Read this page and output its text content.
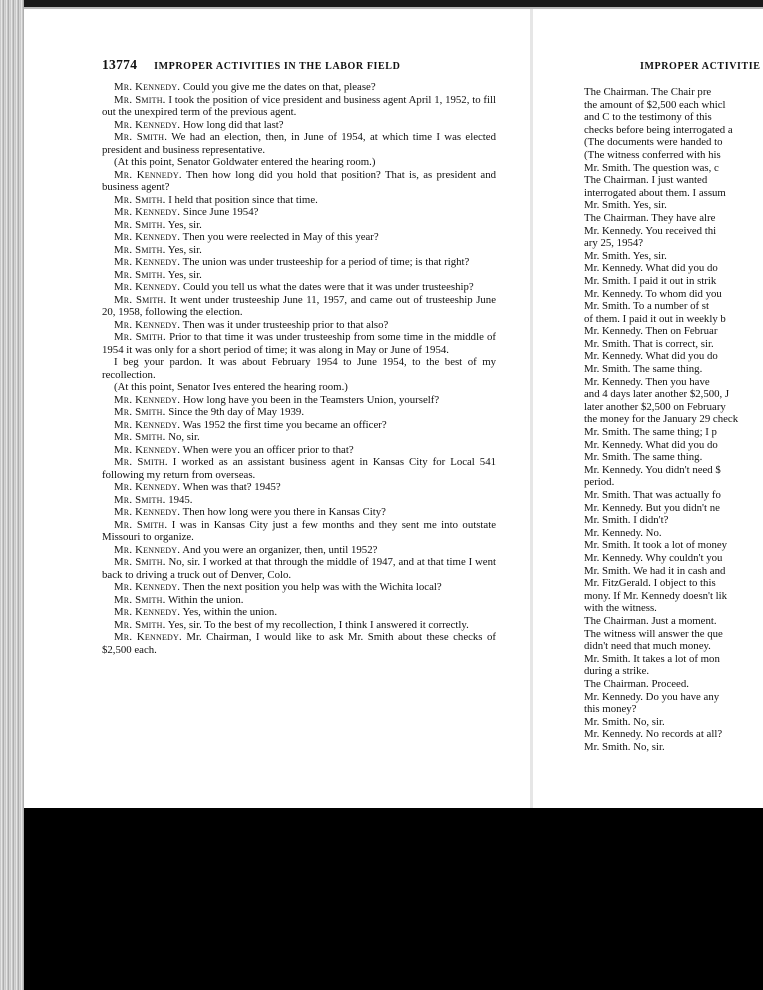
13774 IMPROPER ACTIVITIES IN THE LABOR FIELD	IMPROPER ACTIVITIE

Mr. Kennedy. Could you give me the dates on that, please?

Mr. Smith. I took the position of vice president and business agent April 1, 1952, to fill out the unexpired term of the previous agent.

Mr. Kennedy. How long did that last?

Mr. Smith. We had an election, then, in June of 1954, at which time I was elected president and business representative.

(At this point, Senator Goldwater entered the hearing room.)

Mr. Kennedy. Then how long did you hold that position? That is, as president and business agent?

Mr. Smith. I held that position since that time.

Mr. Kennedy. Since June 1954?

Mr. Smith. Yes, sir.

Mr. Kennedy. Then you were reelected in May of this year?

Mr. Smith. Yes, sir.

Mr. Kennedy. The union was under trusteeship for a period of time; is that right?

Mr. Smith. Yes, sir.

Mr. Kennedy. Could you tell us what the dates were that it was under trusteeship?

Mr. Smith. It went under trusteeship June 11, 1957, and came out of trusteeship June 20, 1958, following the election.

Mr. Kennedy. Then was it under trusteeship prior to that also?

Mr. Smith. Prior to that time it was under trusteeship from some time in the middle of 1954 it was only for a short period of time; it was along in May or June of 1954.

I beg your pardon. It was about February 1954 to June 1954, to the best of my recollection.

(At this point, Senator Ives entered the hearing room.)

Mr. Kennedy. How long have you been in the Teamsters Union, yourself?

Mr. Smith. Since the 9th day of May 1939.

Mr. Kennedy. Was 1952 the first time you became an officer?

Mr. Smith. No, sir.

Mr. Kennedy. When were you an officer prior to that?

Mr. Smith. I worked as an assistant business agent in Kansas City for Local 541 following my return from overseas.

Mr. Kennedy. When was that? 1945?

Mr. Smith. 1945.

Mr. Kennedy. Then how long were you there in Kansas City?

Mr. Smith. I was in Kansas City just a few months and they sent me into outstate Missouri to organize.

Mr. Kennedy. And you were an organizer, then, until 1952?

Mr. Smith. No, sir. I worked at that through the middle of 1947, and at that time I went back to driving a truck out of Denver, Colo.

Mr. Kennedy. Then the next position you help was with the Wichita local?

Mr. Smith. Within the union.

Mr. Kennedy. Yes, within the union.

Mr. Smith. Yes, sir. To the best of my recollection, I think I answered it correctly.

Mr. Kennedy. Mr. Chairman, I would like to ask Mr. Smith about these checks of $2,500 each.

The Chairman. The Chair pre

the amount of $2,500 each whicl

and C to the testimony of this

checks before being interrogated a

(The documents were handed to

(The witness conferred with his

Mr. Smith. The question was, c

The Chairman. I just wanted

interrogated about them. I assum

Mr. Smith. Yes, sir.

The Chairman. They have alre

Mr. Kennedy. You received thi

ary 25, 1954?

Mr. Smith. Yes, sir.

Mr. Kennedy. What did you do

Mr. Smith. I paid it out in strik

Mr. Kennedy. To whom did you

Mr. Smith. To a number of st

of them. I paid it out in weekly b

Mr. Kennedy. Then on Februar

Mr. Smith. That is correct, sir.

Mr. Kennedy. What did you do

Mr. Smith. The same thing.

Mr. Kennedy. Then you have

and 4 days later another $2,500, J

later another $2,500 on February

the money for the January 29 check

Mr. Smith. The same thing; I p

Mr. Kennedy. What did you do

Mr. Smith. The same thing.

Mr. Kennedy. You didn't need $

period.

Mr. Smith. That was actually fo

Mr. Kennedy. But you didn't ne

Mr. Smith. I didn't?

Mr. Kennedy. No.

Mr. Smith. It took a lot of money

Mr. Kennedy. Why couldn't you

Mr. Smith. We had it in cash and

Mr. FitzGerald. I object to this

mony. If Mr. Kennedy doesn't lik

with the witness.

The Chairman. Just a moment.

The witness will answer the que

didn't need that much money.

Mr. Smith. It takes a lot of mon

during a strike.

The Chairman. Proceed.

Mr. Kennedy. Do you have any

this money?

Mr. Smith. No, sir.

Mr. Kennedy. No records at all?

Mr. Smith. No, sir.
